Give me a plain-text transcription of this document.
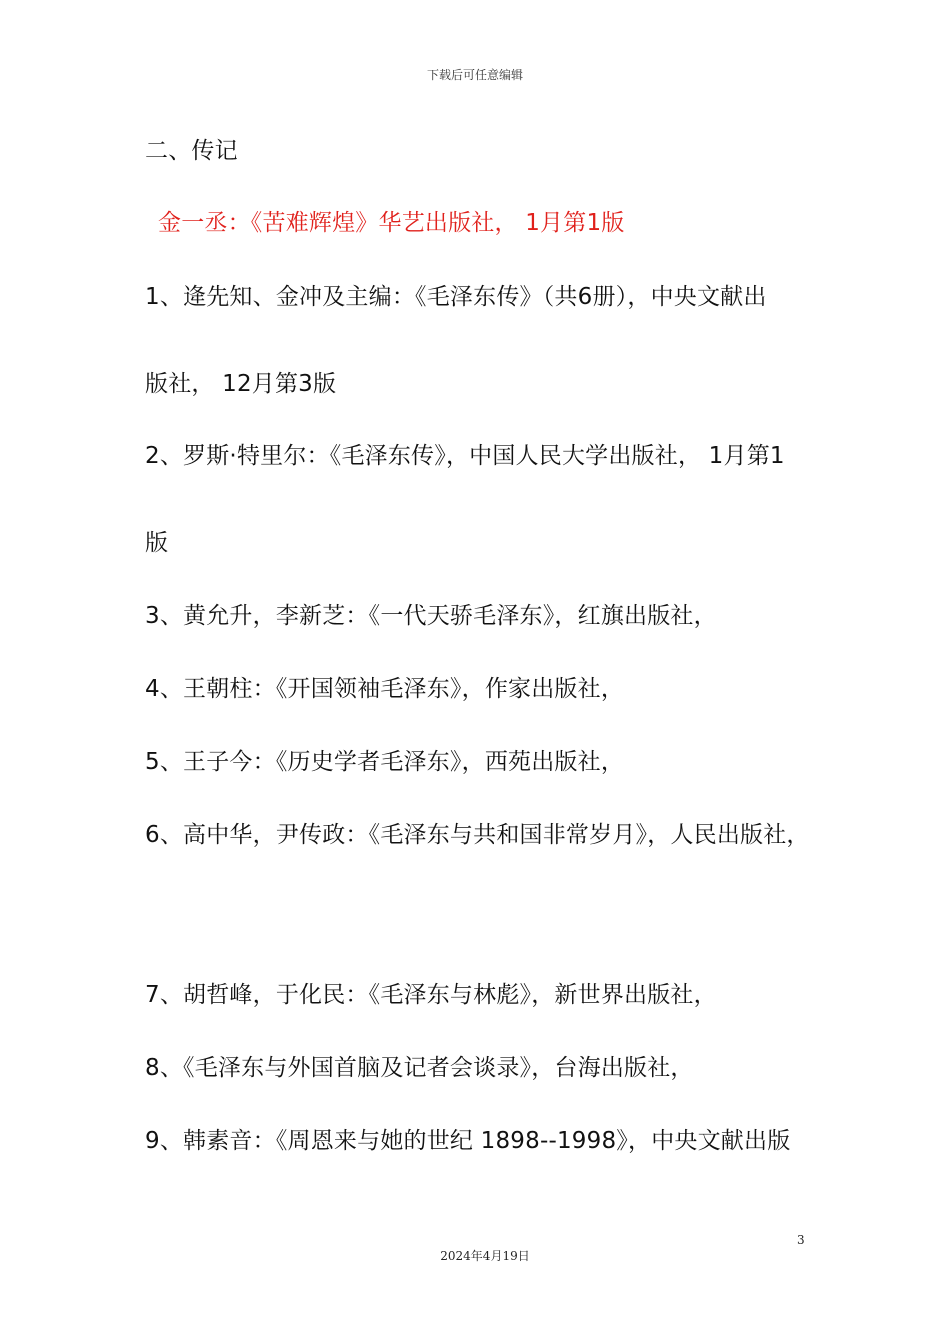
下载后可任意编辑
二、传记
金一丞：《苦难辉煌》华艺出版社， 1月第1版
1、逄先知、金冲及主编：《毛泽东传》（共6册），中央文献出
版社， 12月第3版
2、罗斯·特里尔：《毛泽东传》，中国人民大学出版社， 1月第1
版
3、黄允升，李新芝：《一代天骄毛泽东》，红旗出版社，
4、王朝柱：《开国领袖毛泽东》，作家出版社，
5、王子今：《历史学者毛泽东》，西苑出版社，
6、高中华，尹传政：《毛泽东与共和国非常岁月》，人民出版社，
7、胡哲峰，于化民：《毛泽东与林彪》，新世界出版社，
8、《毛泽东与外国首脑及记者会谈录》，台海出版社，
9、韩素音：《周恩来与她的世纪 1898--1998》，中央文献出版
3
2024年4月19日
